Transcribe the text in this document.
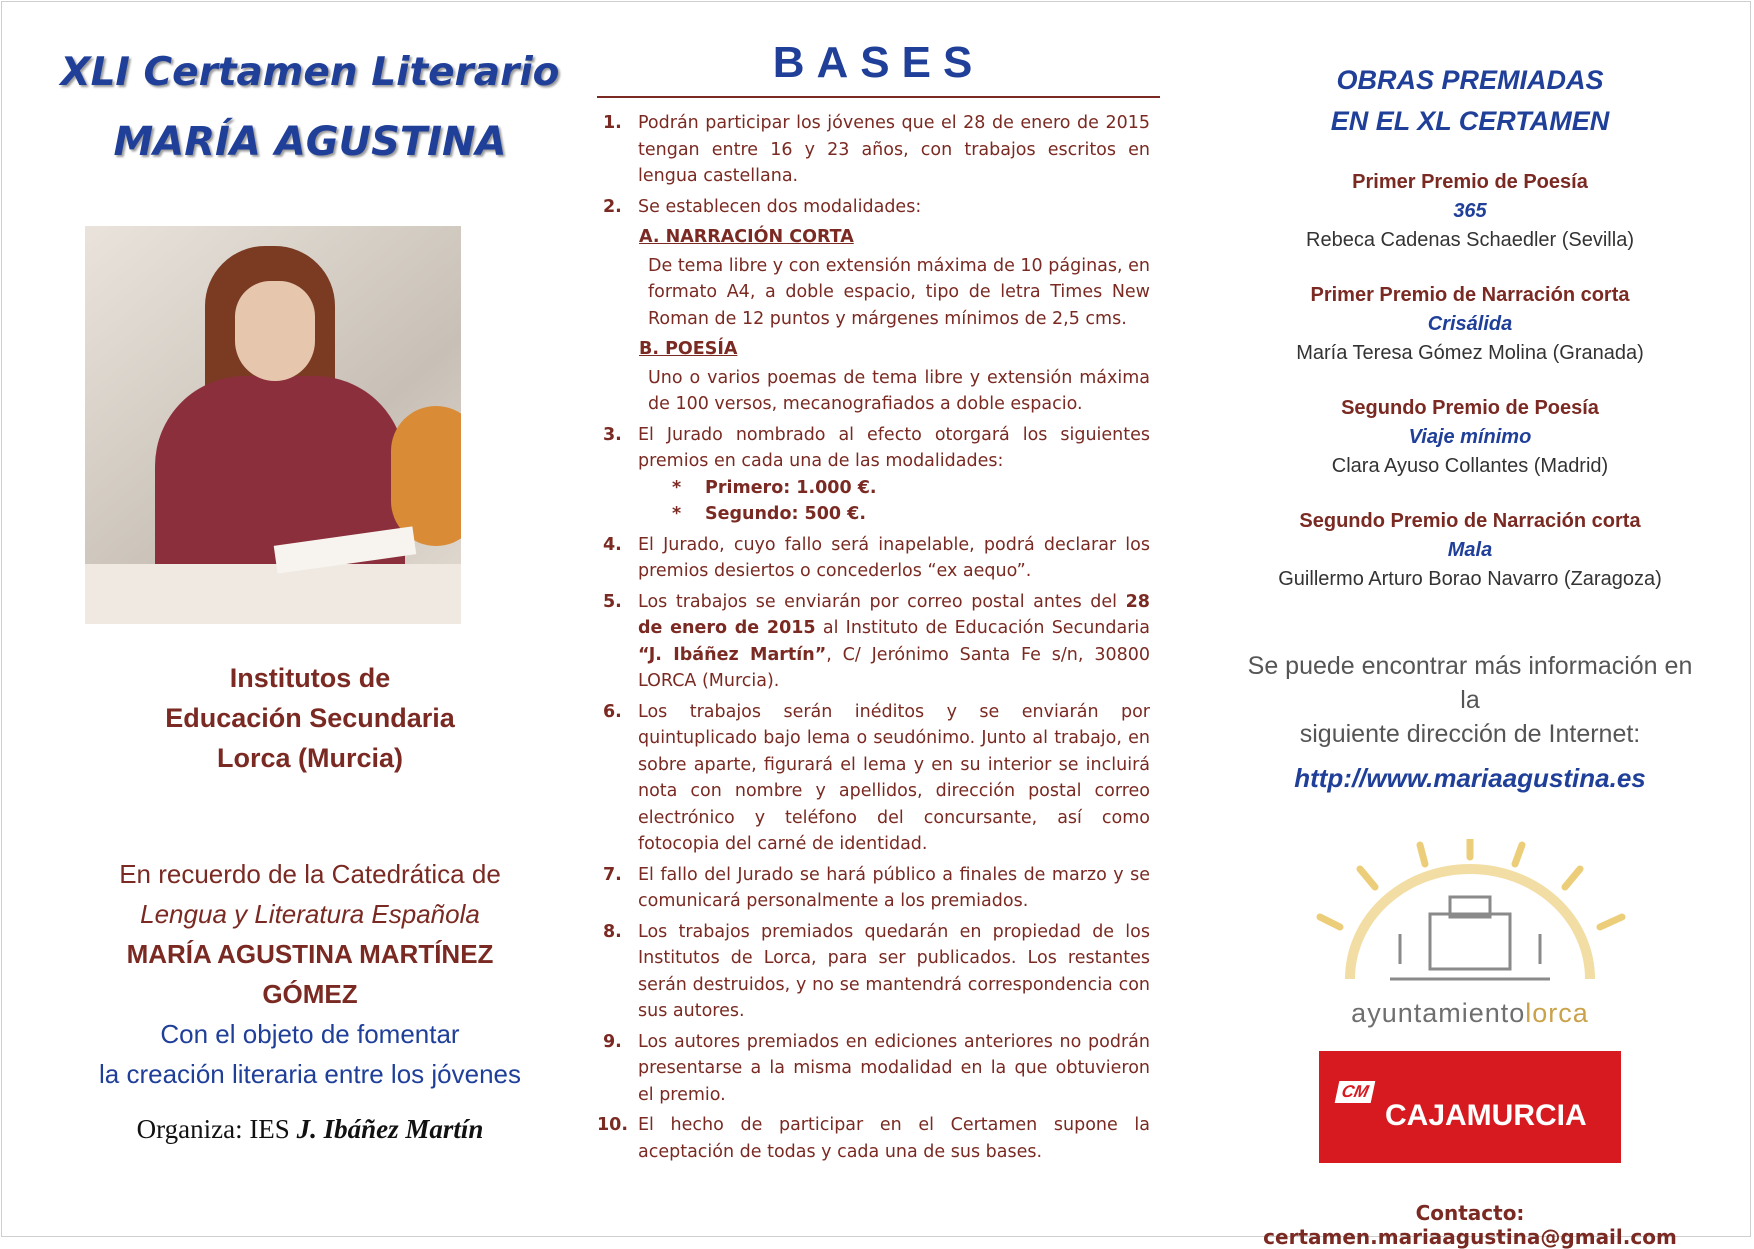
XLI Certamen Literario
MARÍA AGUSTINA
Institutos de
Educación Secundaria
Lorca (Murcia)
En recuerdo de la Catedrática de
Lengua y Literatura Española
MARÍA AGUSTINA MARTÍNEZ
GÓMEZ
Con el objeto de fomentar
la creación literaria entre los jóvenes
Organiza: IES J. Ibáñez Martín
BASES
1. Podrán participar los jóvenes que el 28 de enero de 2015 tengan entre 16 y 23 años, con trabajos escritos en lengua castellana.
2. Se establecen dos modalidades:
A. NARRACIÓN CORTA
De tema libre y con extensión máxima de 10 páginas, en formato A4, a doble espacio, tipo de letra Times New Roman de 12 puntos y márgenes mínimos de 2,5 cms.
B. POESÍA
Uno o varios poemas de tema libre y extensión máxima de 100 versos, mecanografiados a doble espacio.
3. El Jurado nombrado al efecto otorgará los siguientes premios en cada una de las modalidades:
* Primero: 1.000 €.
* Segundo: 500 €.
4. El Jurado, cuyo fallo será inapelable, podrá declarar los premios desiertos o concederlos “ex aequo”.
5. Los trabajos se enviarán por correo postal antes del 28 de enero de 2015 al Instituto de Educación Secundaria “J. Ibáñez Martín”, C/ Jerónimo Santa Fe s/n, 30800 LORCA (Murcia).
6. Los trabajos serán inéditos y se enviarán por quintuplicado bajo lema o seudónimo. Junto al trabajo, en sobre aparte, figurará el lema y en su interior se incluirá nota con nombre y apellidos, dirección postal correo electrónico y teléfono del concursante, así como fotocopia del carné de identidad.
7. El fallo del Jurado se hará público a finales de marzo y se comunicará personalmente a los premiados.
8. Los trabajos premiados quedarán en propiedad de los Institutos de Lorca, para ser publicados. Los restantes serán destruidos, y no se mantendrá correspondencia con sus autores.
9. Los autores premiados en ediciones anteriores no podrán presentarse a la misma modalidad en la que obtuvieron el premio.
10. El hecho de participar en el Certamen supone la aceptación de todas y cada una de sus bases.
OBRAS PREMIADAS
EN EL XL CERTAMEN
Primer Premio de Poesía
365
Rebeca Cadenas Schaedler (Sevilla)
Primer Premio de Narración corta
Crisálida
María Teresa Gómez Molina (Granada)
Segundo Premio de Poesía
Viaje mínimo
Clara Ayuso Collantes (Madrid)
Segundo Premio de Narración corta
Mala
Guillermo Arturo Borao Navarro (Zaragoza)
Se puede encontrar más información en la
siguiente dirección de Internet:
http://www.mariaagustina.es
ayuntamientolorca
CM
CAJAMURCIA
Contacto: certamen.mariaagustina@gmail.com
